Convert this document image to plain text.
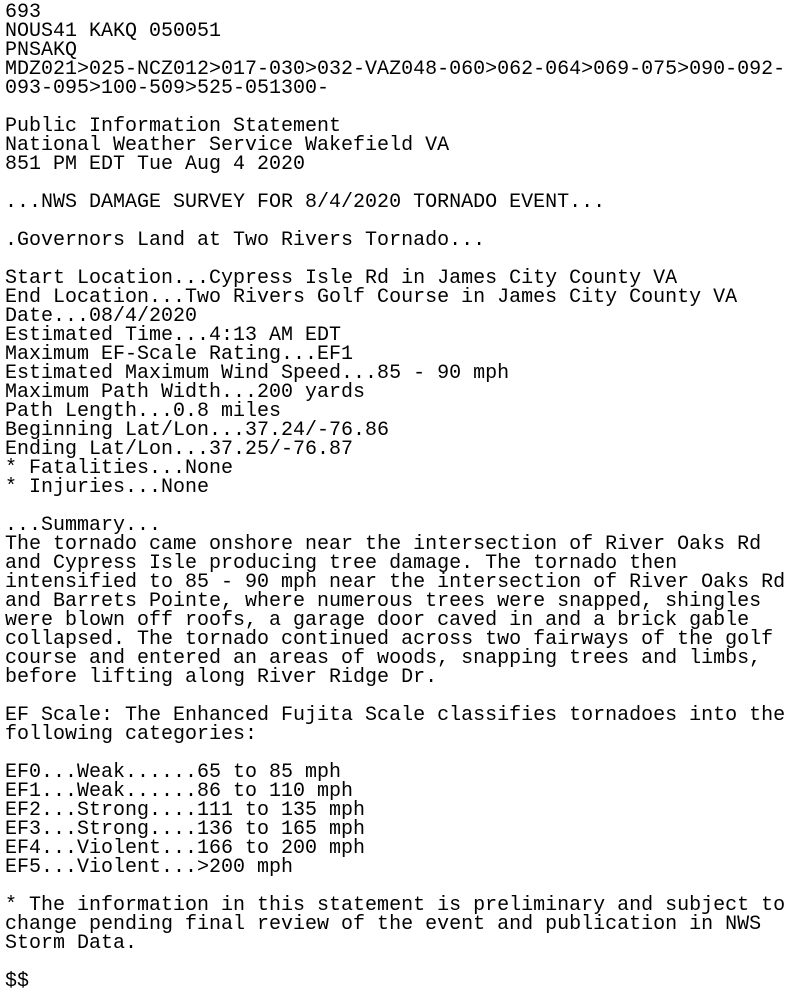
693
NOUS41 KAKQ 050051
PNSAKQ
MDZ021>025-NCZ012>017-030>032-VAZ048-060>062-064>069-075>090-092-
093-095>100-509>525-051300-
Public Information Statement
National Weather Service Wakefield VA
851 PM EDT Tue Aug 4 2020
...NWS DAMAGE SURVEY FOR 8/4/2020 TORNADO EVENT...
.Governors Land at Two Rivers Tornado...
Start Location...Cypress Isle Rd in James City County VA
End Location...Two Rivers Golf Course in James City County VA
Date...08/4/2020
Estimated Time...4:13 AM EDT
Maximum EF-Scale Rating...EF1
Estimated Maximum Wind Speed...85 - 90 mph
Maximum Path Width...200 yards
Path Length...0.8 miles
Beginning Lat/Lon...37.24/-76.86
Ending Lat/Lon...37.25/-76.87
* Fatalities...None
* Injuries...None
...Summary...
The tornado came onshore near the intersection of River Oaks Rd
and Cypress Isle producing tree damage. The tornado then
intensified to 85 - 90 mph near the intersection of River Oaks Rd
and Barrets Pointe, where numerous trees were snapped, shingles
were blown off roofs, a garage door caved in and a brick gable
collapsed. The tornado continued across two fairways of the golf
course and entered an areas of woods, snapping trees and limbs,
before lifting along River Ridge Dr.
EF Scale: The Enhanced Fujita Scale classifies tornadoes into the
following categories:
EF0...Weak......65 to 85 mph
EF1...Weak......86 to 110 mph
EF2...Strong....111 to 135 mph
EF3...Strong....136 to 165 mph
EF4...Violent...166 to 200 mph
EF5...Violent...>200 mph
* The information in this statement is preliminary and subject to
change pending final review of the event and publication in NWS
Storm Data.
$$
